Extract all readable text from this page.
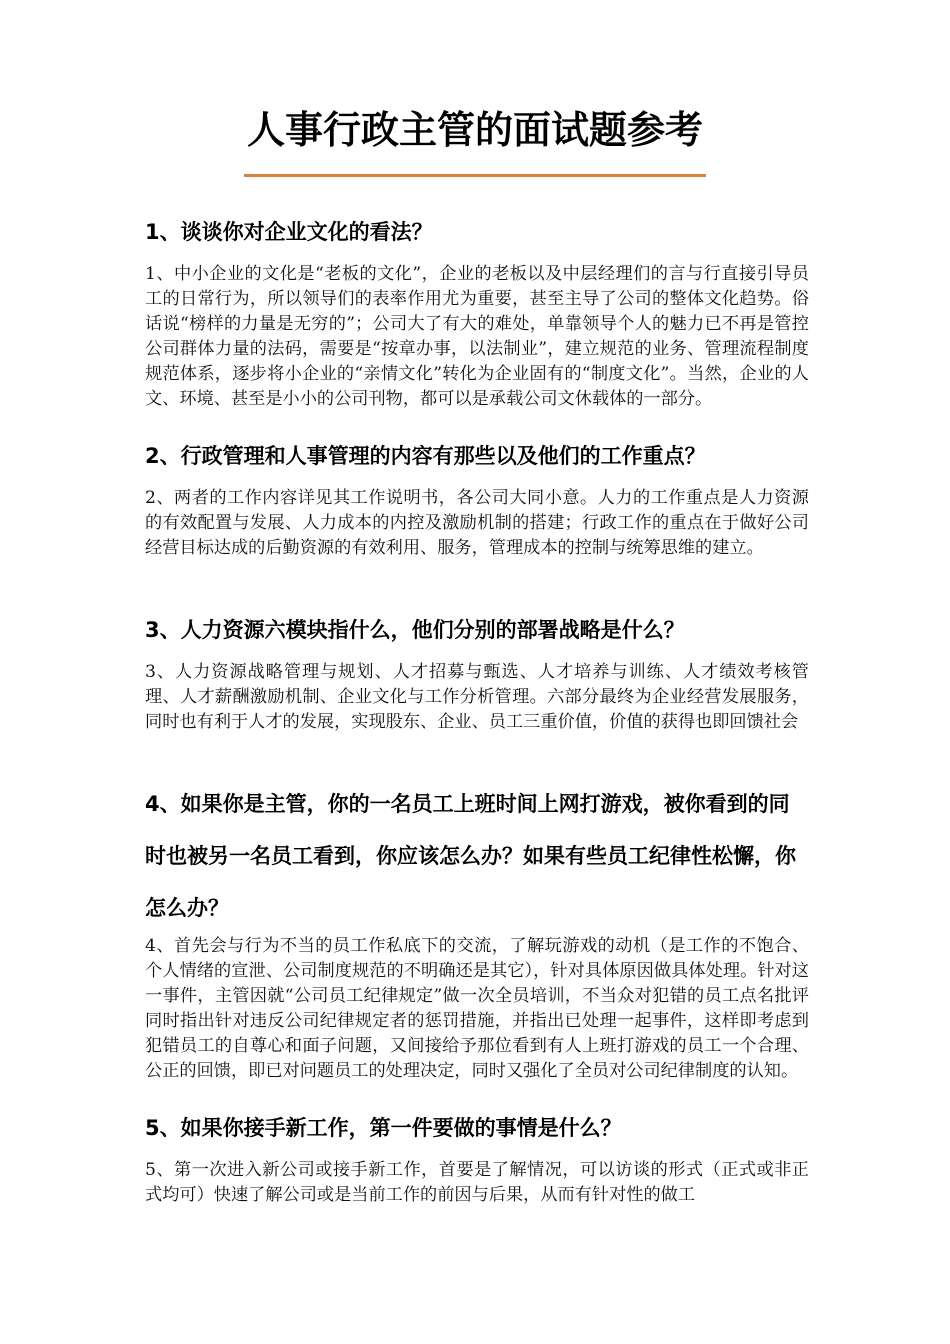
人事行政主管的面试题参考
1、谈谈你对企业文化的看法？

1、中小企业的文化是“老板的文化”，企业的老板以及中层经理们的言与行直接引导员工的日常行为，所以领导们的表率作用尤为重要，甚至主导了公司的整体文化趋势。俗话说“榜样的力量是无穷的”；公司大了有大的难处，单靠领导个人的魅力已不再是管控公司群体力量的法码，需要是“按章办事，以法制业”，建立规范的业务、管理流程制度规范体系，逐步将小企业的“亲情文化”转化为企业固有的“制度文化”。当然，企业的人文、环境、甚至是小小的公司刊物，都可以是承载公司文休载体的一部分。

2、行政管理和人事管理的内容有那些以及他们的工作重点？

2、两者的工作内容详见其工作说明书，各公司大同小意。人力的工作重点是人力资源的有效配置与发展、人力成本的内控及激励机制的搭建；行政工作的重点在于做好公司经营目标达成的后勤资源的有效利用、服务，管理成本的控制与统筹思维的建立。

3、人力资源六模块指什么，他们分别的部署战略是什么？

3、人力资源战略管理与规划、人才招募与甄选、人才培养与训练、人才绩效考核管理、人才薪酬激励机制、企业文化与工作分析管理。六部分最终为企业经营发展服务，同时也有利于人才的发展，实现股东、企业、员工三重价值，价值的获得也即回馈社会

4、如果你是主管，你的一名员工上班时间上网打游戏，被你看到的同时也被另一名员工看到，你应该怎么办？如果有些员工纪律性松懈，你怎么办？

4、首先会与行为不当的员工作私底下的交流，了解玩游戏的动机（是工作的不饱合、个人情绪的宣泄、公司制度规范的不明确还是其它），针对具体原因做具体处理。针对这一事件，主管因就“公司员工纪律规定”做一次全员培训，不当众对犯错的员工点名批评同时指出针对违反公司纪律规定者的惩罚措施，并指出已处理一起事件，这样即考虑到犯错员工的自尊心和面子问题，又间接给予那位看到有人上班打游戏的员工一个合理、公正的回馈，即已对问题员工的处理决定，同时又强化了全员对公司纪律制度的认知。

5、如果你接手新工作，第一件要做的事情是什么？

5、第一次进入新公司或接手新工作，首要是了解情况，可以访谈的形式（正式或非正式均可）快速了解公司或是当前工作的前因与后果，从而有针对性的做工
